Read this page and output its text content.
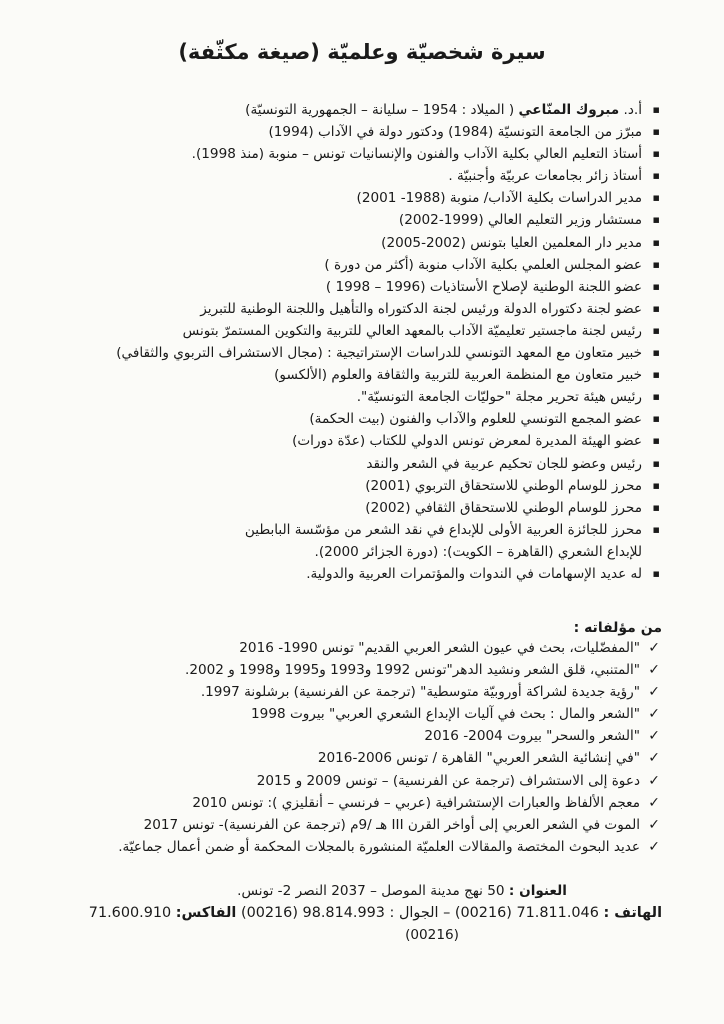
سيرة شخصيّة وعلميّة (صيغة مكثّفة)
▪
أ.د. مبروك المنّاعي ( الميلاد : 1954 – سليانة – الجمهورية التونسيّة)
▪
مبرّز من الجامعة التونسيّة (1984) ودكتور دولة في الآداب (1994)
▪
أستاذ التعليم العالي بكلية الآداب والفنون والإنسانيات تونس – منوبة (منذ 1998).
▪
أستاذ زائر بجامعات عربيّة وأجنبيّة .
▪
مدير الدراسات بكلية الآداب/ منوبة (1988- 2001)
▪
مستشار وزير التعليم العالي (1999-2002)
▪
مدير دار المعلمين العليا بتونس (2002-2005)
▪
عضو المجلس العلمي بكلية الآداب منوبة (أكثر من دورة )
▪
عضو اللجنة الوطنية لإصلاح الأستاذيات (1996 – 1998 )
▪
عضو لجنة دكتوراه الدولة ورئيس لجنة الدكتوراه والتأهيل واللجنة الوطنية للتبريز
▪
رئيس لجنة ماجستير تعليميّة الآداب بالمعهد العالي للتربية والتكوين المستمرّ بتونس
▪
خبير متعاون مع المعهد التونسي للدراسات الإستراتيجية : (مجال الاستشراف التربوي والثقافي)
▪
خبير متعاون مع المنظمة العربية للتربية والثقافة والعلوم (الألكسو)
▪
رئيس هيئة تحرير مجلة "حوليّات الجامعة التونسيّة".
▪
عضو المجمع التونسي للعلوم والآداب والفنون (بيت الحكمة)
▪
عضو الهيئة المديرة لمعرض تونس الدولي للكتاب (عدّة دورات)
▪
رئيس وعضو للجان تحكيم عربية في الشعر والنقد
▪
محرز للوسام الوطني للاستحقاق التربوي (2001)
▪
محرز للوسام الوطني للاستحقاق الثقافي (2002)
▪
محرز للجائزة العربية الأولى للإبداع في نقد الشعر من مؤسّسة البابطين
للإبداع الشعري (القاهرة – الكويت): (دورة الجزائر 2000).
▪
له عديد الإسهامات في الندوات والمؤتمرات العربية والدولية.
من مؤلفاته :
✓
"المفضّليات، بحث في عيون الشعر العربي القديم" تونس 1990- 2016
✓
"المتنبي، قلق الشعر ونشيد الدهر"تونس 1992 و1993 و1995 و1998 و 2002.
✓
"رؤية جديدة لشراكة أوروبيّة متوسطية" (ترجمة عن الفرنسية) برشلونة 1997.
✓
"الشعر والمال : بحث في آليات الإبداع الشعري العربي" بيروت 1998
✓
"الشعر والسحر" بيروت 2004- 2016
✓
"في إنشائية الشعر العربي" القاهرة / تونس 2006-2016
✓
دعوة إلى الاستشراف (ترجمة عن الفرنسية) – تونس 2009 و 2015
✓
معجم الألفاظ والعبارات الإستشرافية (عربي – فرنسي – أنقليزي ): تونس 2010
✓
الموت في الشعر العربي إلى أواخر القرن III هـ /9م (ترجمة عن الفرنسية)- تونس 2017
✓
عديد البحوث المختصة والمقالات العلميّة المنشورة بالمجلات المحكمة أو ضمن أعمال جماعيّة.
العنوان : 50 نهج مدينة الموصل – 2037 النصر 2- تونس.
الهاتف : 71.811.046 (00216) – الجوال : 98.814.993 (00216) الفاكس: 71.600.910
(00216)
